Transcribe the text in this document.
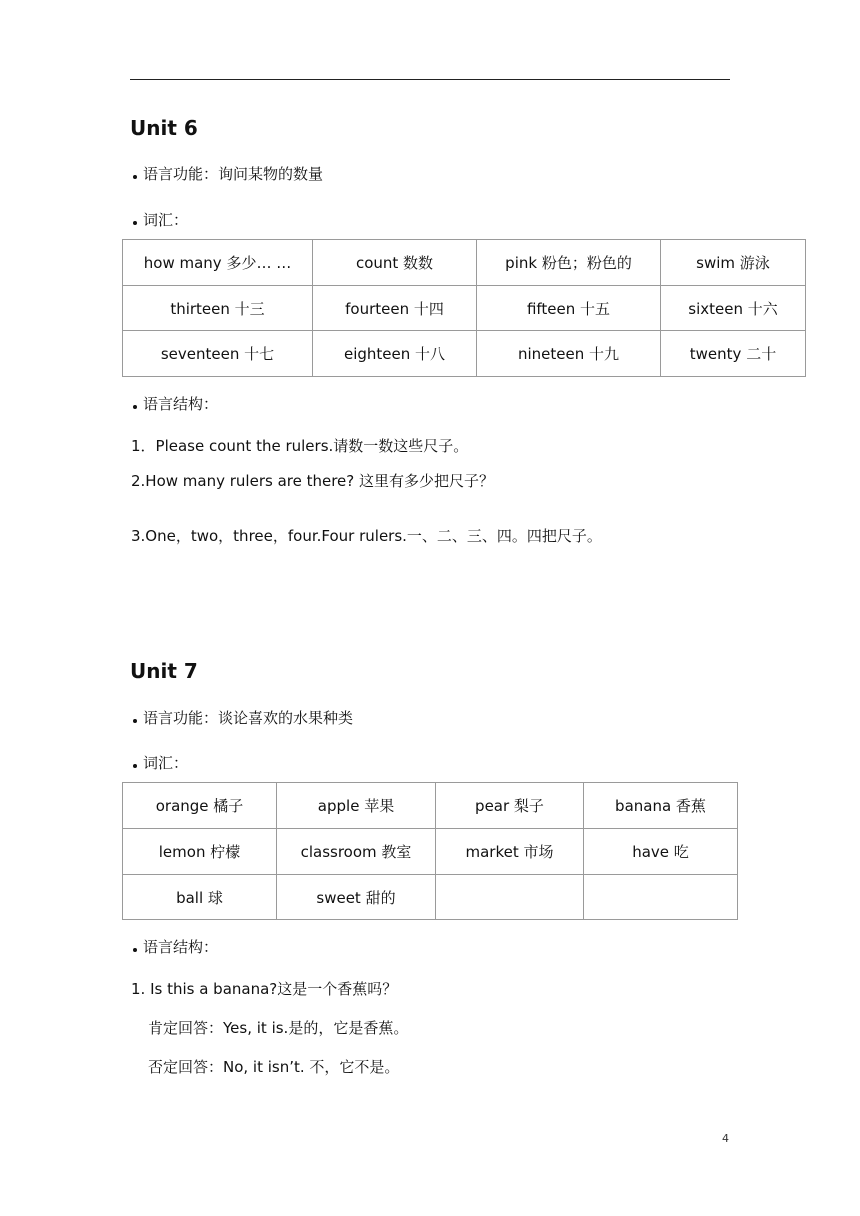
Unit 6
语言功能：询问某物的数量
词汇：
how many 多少… …	count 数数	pink 粉色；粉色的	swim 游泳
thirteen 十三	fourteen 十四	fifteen 十五	sixteen 十六
seventeen 十七	eighteen 十八	nineteen 十九	twenty 二十
语言结构：
1．Please count the rulers.请数一数这些尺子。
2.How many rulers are there? 这里有多少把尺子？
3.One，two，three，four.Four rulers.一、二、三、四。四把尺子。
Unit 7
语言功能：谈论喜欢的水果种类
词汇：
orange 橘子	apple 苹果	pear 梨子	banana 香蕉
lemon 柠檬	classroom 教室	market 市场	have 吃
ball 球	sweet 甜的		
语言结构：
1. Is this a banana?这是一个香蕉吗？
肯定回答：Yes, it is.是的，它是香蕉。
否定回答：No, it isn’t. 不，它不是。
4
